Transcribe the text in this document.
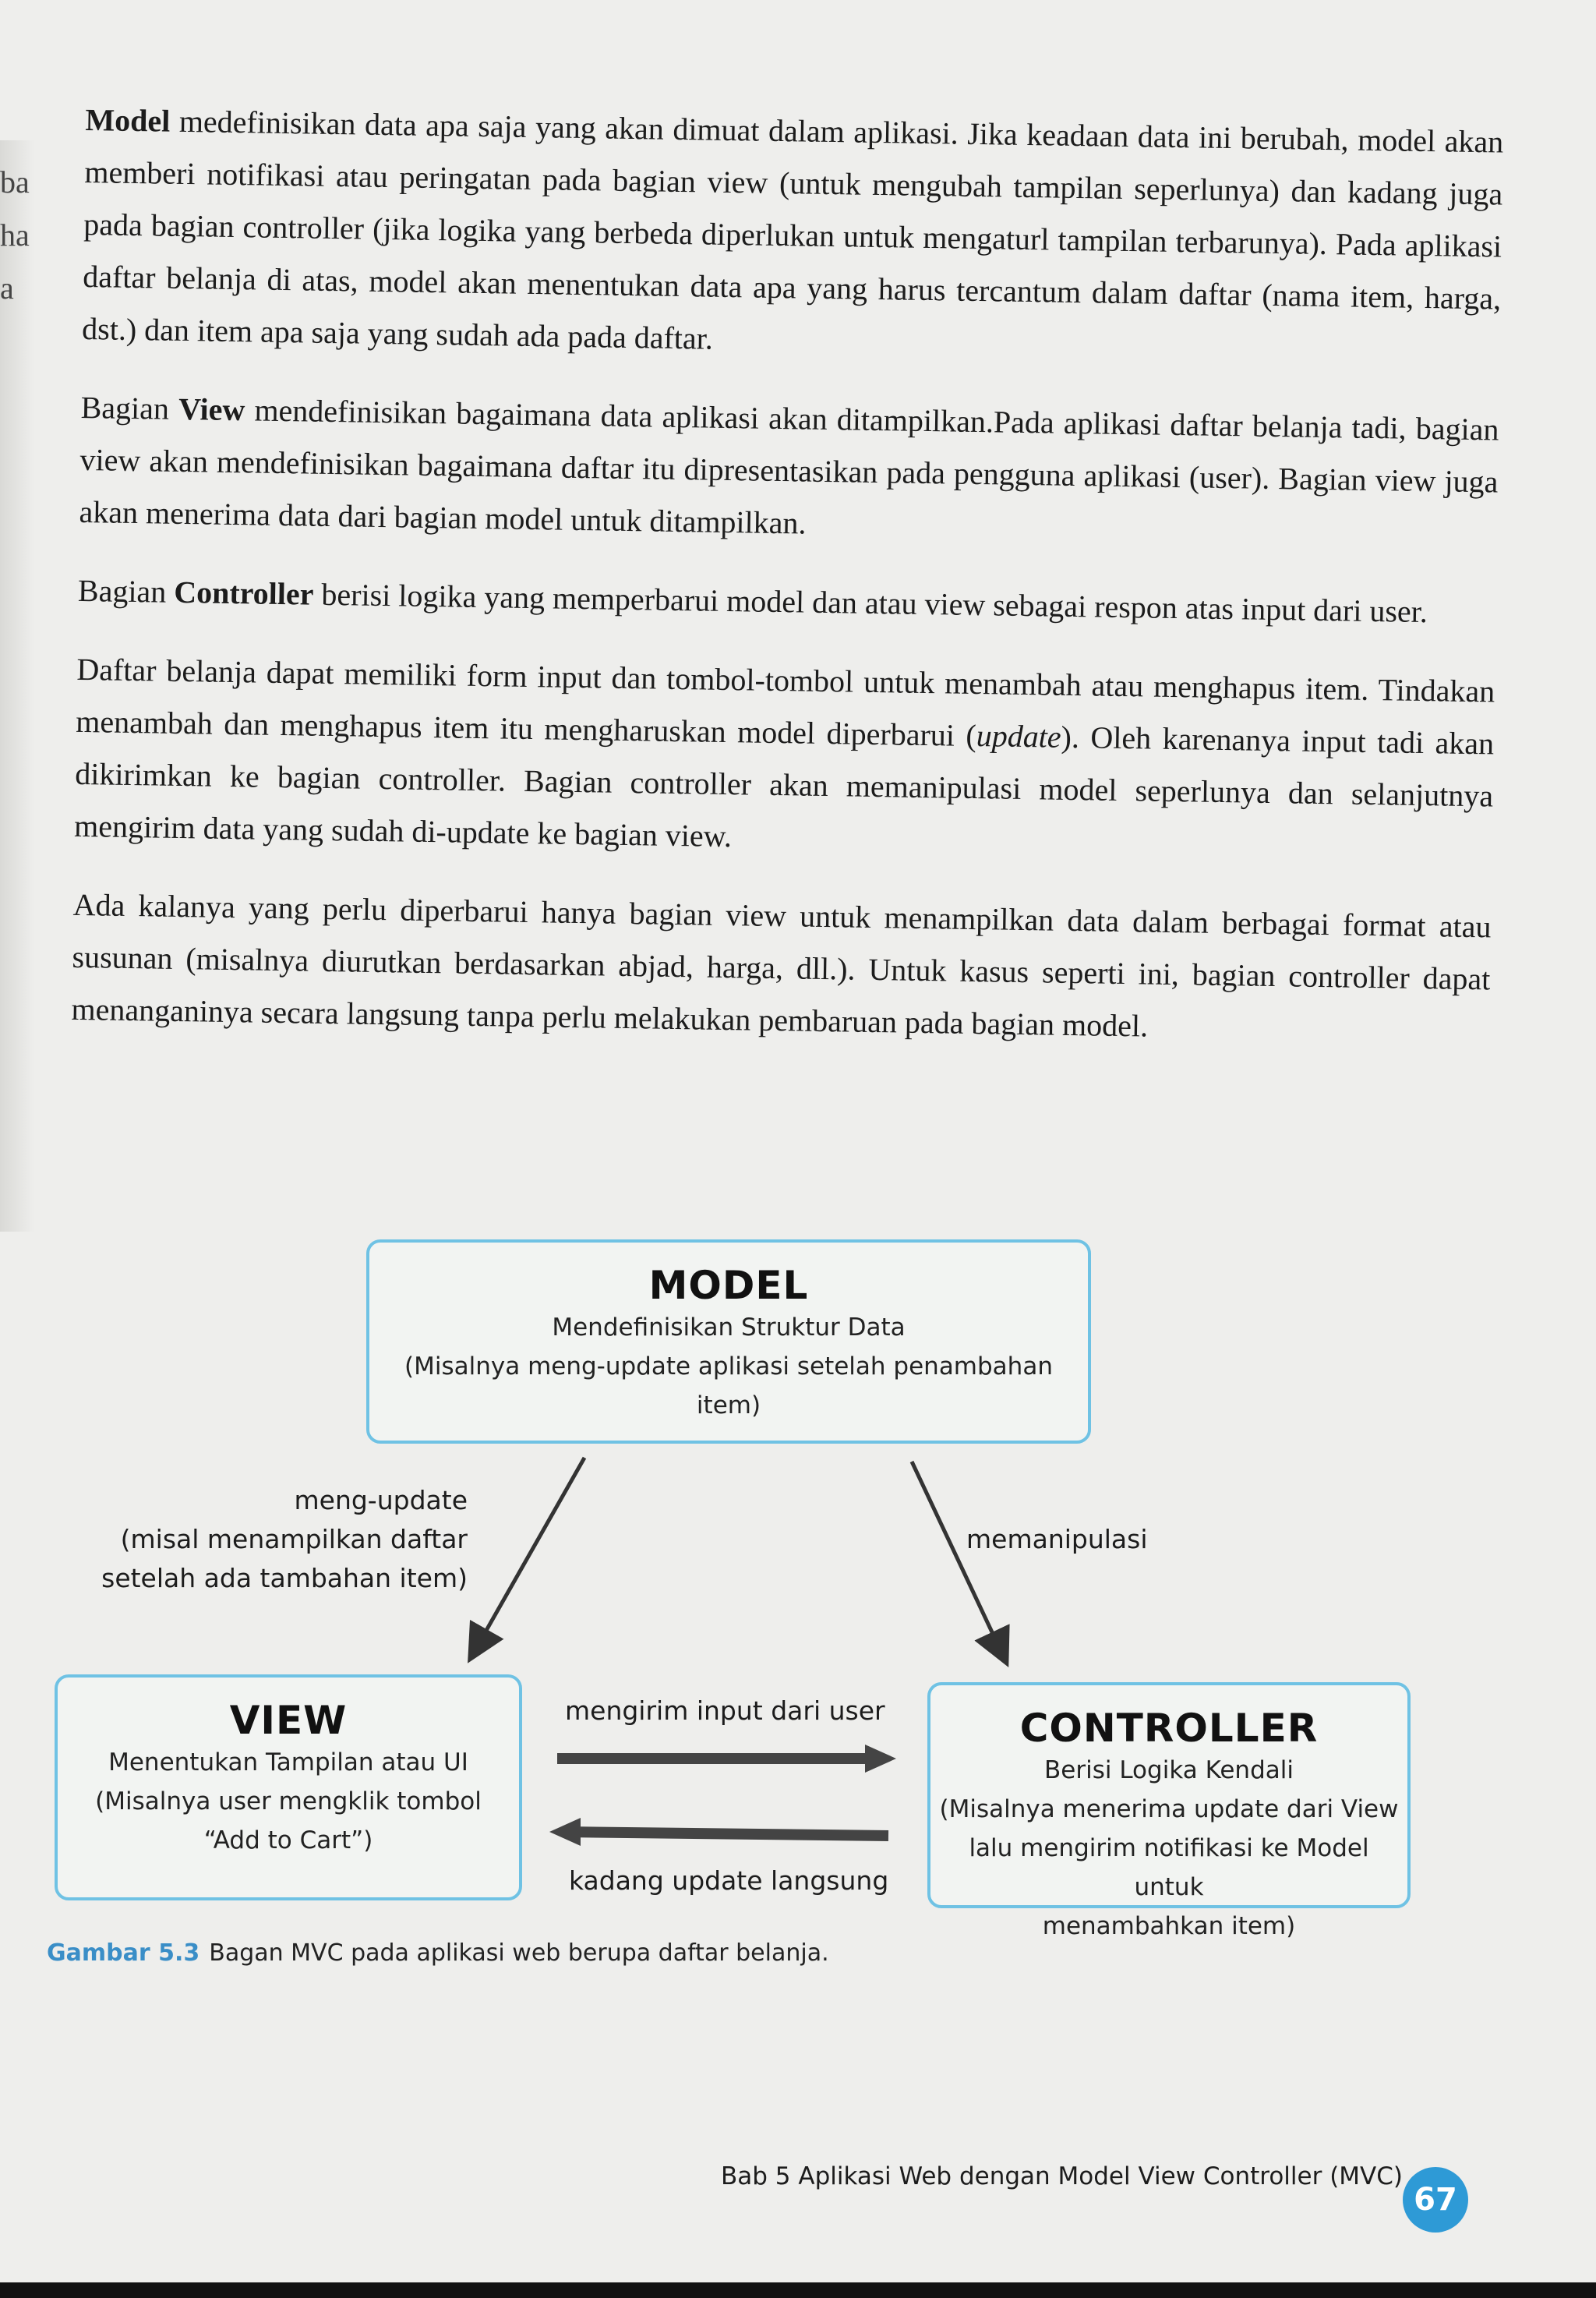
ba
ha
a

Model medefinisikan data apa saja yang akan dimuat dalam aplikasi. Jika keadaan data ini berubah, model akan memberi notifikasi atau peringatan pada bagian view (untuk mengubah tampilan seperlunya) dan kadang juga pada bagian controller (jika logika yang berbeda diperlukan untuk mengaturl tampilan terbarunya). Pada aplikasi daftar belanja di atas, model akan menentukan data apa yang harus tercantum dalam daftar (nama item, harga, dst.) dan item apa saja yang sudah ada pada daftar.

Bagian View mendefinisikan bagaimana data aplikasi akan ditampilkan.Pada aplikasi daftar belanja tadi, bagian view akan mendefinisikan bagaimana daftar itu dipresentasikan pada pengguna aplikasi (user). Bagian view juga akan menerima data dari bagian model untuk ditampilkan.

Bagian Controller berisi logika yang memperbarui model dan atau view sebagai respon atas input dari user.

Daftar belanja dapat memiliki form input dan tombol-tombol untuk menambah atau menghapus item. Tindakan menambah dan menghapus item itu mengharuskan model diperbarui (update). Oleh karenanya input tadi akan dikirimkan ke bagian controller. Bagian controller akan memanipulasi model seperlunya dan selanjutnya mengirim data yang sudah di-update ke bagian view.

Ada kalanya yang perlu diperbarui hanya bagian view untuk menampilkan data dalam berbagai format atau susunan (misalnya diurutkan berdasarkan abjad, harga, dll.). Untuk kasus seperti ini, bagian controller dapat menanganinya secara langsung tanpa perlu melakukan pembaruan pada bagian model.

MODEL
Mendefinisikan Struktur Data
(Misalnya meng-update aplikasi setelah penambahan item)
VIEW
Menentukan Tampilan atau UI
(Misalnya user mengklik tombol
“Add to Cart”)
CONTROLLER
Berisi Logika Kendali
(Misalnya menerima update dari View
lalu mengirim notifikasi ke Model untuk
menambahkan item)
meng-update
(misal menampilkan daftar
setelah ada tambahan item)
memanipulasi
mengirim input dari user
kadang update langsung
Gambar 5.3 Bagan MVC pada aplikasi web berupa daftar belanja.
Bab 5 Aplikasi Web dengan Model View Controller (MVC)
67
